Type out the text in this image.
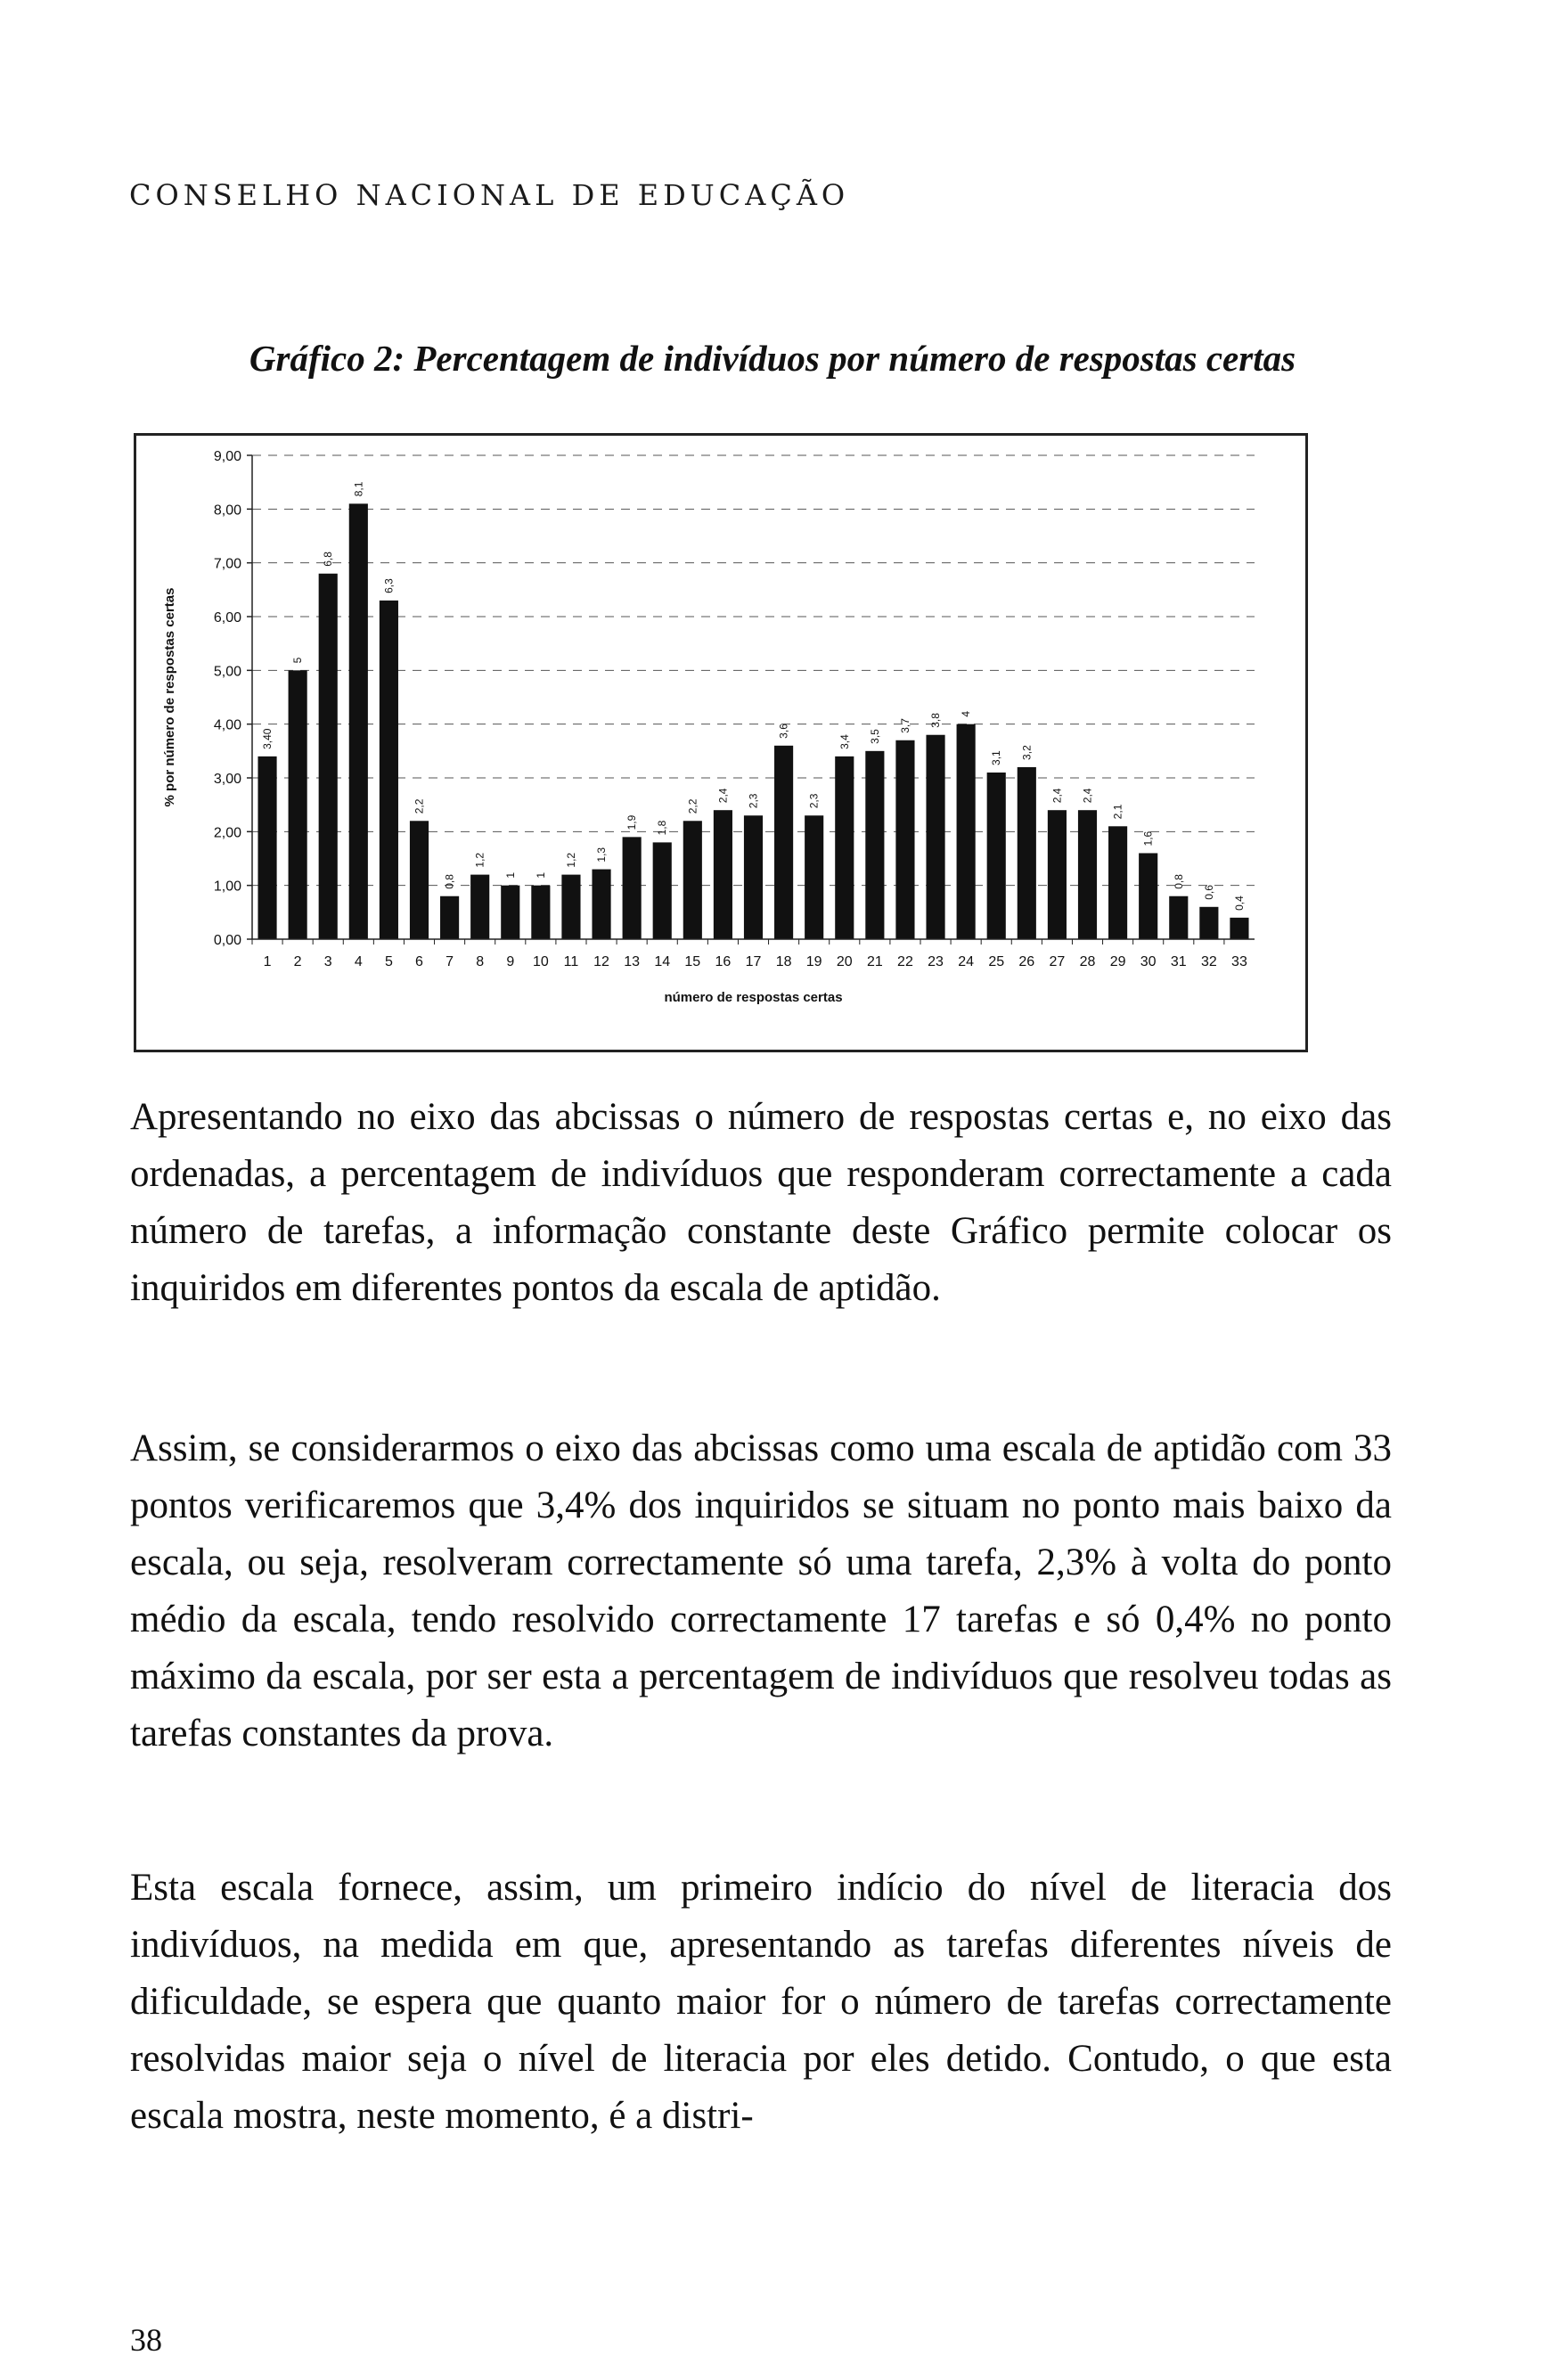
CONSELHO NACIONAL DE EDUCAÇÃO
Gráfico 2: Percentagem de indivíduos por número de respostas certas
0,00
1,00
2,00
3,00
4,00
5,00
6,00
7,00
8,00
9,00
3,40
5
6,8
8,1
6,3
2,2
0,8
1,2
1 1
1,2 1,3
1,9 1,8
2,2
2,4 2,3
3,6
2,3
3,4 3,5
3,7 3,8 4
3,1 3,2
2,4 2,4
2,1
1,6
0,8
0,6
0,4
1 2 3 4 5 6 7 8 9 10 11 12 13 14 15 16 17 18 19 20 21 22 23 24 25 26 27 28 29 30 31 32 33
% por número de respostas certas
número de respostas certas

Apresentando no eixo das abcissas o número de respostas certas e, no eixo das ordenadas, a percentagem de indivíduos que responderam correctamente a cada número de tarefas, a informação constante deste Gráfico permite colocar os inquiridos em diferentes pontos da escala de aptidão.

Assim, se considerarmos o eixo das abcissas como uma escala de aptidão com 33 pontos verificaremos que 3,4% dos inquiridos se situam no ponto mais baixo da escala, ou seja, resolveram correctamente só uma tarefa, 2,3% à volta do ponto médio da escala, tendo resolvido correctamente 17 tarefas e só 0,4% no ponto máximo da escala, por ser esta a percentagem de indivíduos que resolveu todas as tarefas constantes da prova.

Esta escala fornece, assim, um primeiro indício do nível de literacia dos indivíduos, na medida em que, apresentando as tarefas diferentes níveis de dificuldade, se espera que quanto maior for o número de tarefas correctamente resolvidas maior seja o nível de literacia por eles detido. Contudo, o que esta escala mostra, neste momento, é a distri-

38
